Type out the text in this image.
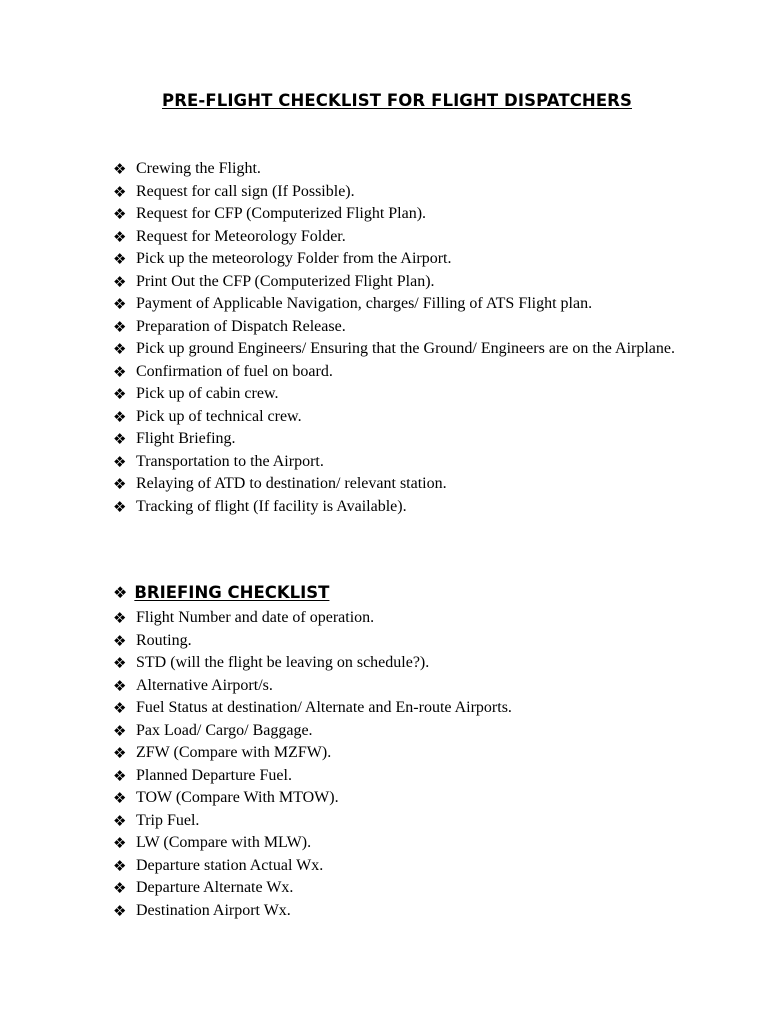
PRE-FLIGHT CHECKLIST FOR FLIGHT DISPATCHERS
❖ Crewing the Flight.
❖ Request for call sign (If Possible).
❖ Request for CFP (Computerized Flight Plan).
❖ Request for Meteorology Folder.
❖ Pick up the meteorology Folder from the Airport.
❖ Print Out the CFP (Computerized Flight Plan).
❖ Payment of Applicable Navigation, charges/ Filling of ATS Flight plan.
❖ Preparation of Dispatch Release.
❖ Pick up ground Engineers/ Ensuring that the Ground/ Engineers are on the Airplane.
❖ Confirmation of fuel on board.
❖ Pick up of cabin crew.
❖ Pick up of technical crew.
❖ Flight Briefing.
❖ Transportation to the Airport.
❖ Relaying of ATD to destination/ relevant station.
❖ Tracking of flight (If facility is Available).
❖ BRIEFING CHECKLIST
❖ Flight Number and date of operation.
❖ Routing.
❖ STD (will the flight be leaving on schedule?).
❖ Alternative Airport/s.
❖ Fuel Status at destination/ Alternate and En-route Airports.
❖ Pax Load/ Cargo/ Baggage.
❖ ZFW (Compare with MZFW).
❖ Planned Departure Fuel.
❖ TOW (Compare With MTOW).
❖ Trip Fuel.
❖ LW (Compare with MLW).
❖ Departure station Actual Wx.
❖ Departure Alternate Wx.
❖ Destination Airport Wx.
